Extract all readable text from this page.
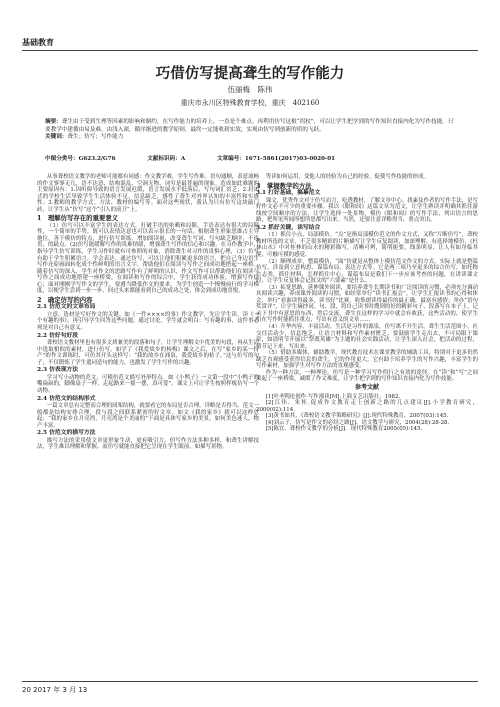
基础教育
巧借仿写提高聋生的写作能力
伍丽梅　陈伟
重庆市永川区特殊教育学校，重庆　402160
摘要：聋生由于受到生理等因素的影响和制约，在写作能力的培养上，一直是个难点。再利用仿写这根“拐杖”，可以让学生把学到的写作知识直接内化为写作技能。只要教学中建循由易及难，由浅入深，循序渐进的教学原则，最终一定能收到实效，实现由仿写到创新的质的飞跃。
关键词：聋生；仿写；写作能力
中图分类号：G623.2/G76	文献标识码：A	文章编号：1671-5861(2017)03-0020-01

从事聋校语文教学的老师可能都有同感：作文教学难，学生写作难。语句通顺，表意流畅的作文寥寥无几，语不达意、结构混乱、空洞无物、词穷是最普遍的现象。造成如此难题的主要原因有：1.因听障导致的语言发展迟缓，语言发展水平低落后，写句词汇贫乏；2.封闭式的学校生活导致学生生活体验不足，信息缺乏，感性了聋生对外界认知的丰富性和实感性；3.教师的教学方式。方法、教材的编写等。面对这些现状，我认为只有仿写这块敲门砖，让学生从“仿写”这个“引人的前卫”上。

1　理解仿写存在的重要意义

（1）仿写可以丰富学生的表达方式，打破手语的依赖和局限，手语表达有很大的局限性，一个简单的手势，既可以表情达意也可以表示很长的一句话。根据聋生形象思维占主导地位，善于模仿的特点，进行仿写训练，增加阅读量，改变聋生写词、写句缺乏顺序，不连贯，的缺点。(2)仿写能缓解写作的畏难情绪，增强聋生写作的信心和兴趣。在习作教学中，指导学生仿写训练，学生习作时就有可参照的对象，消除聋生对习作的畏惧心理，（3）仿写有助于学生积累语言，学会表达。通过仿写，可以让他们积累更多的语言，把自己身边语生写作还原画面转化成个性鲜明的语言文字，帮助他们在阅读与写作之间成功地搭起一座桥。随着仿写的深入，学生对作文的思路写作有了鲜明的认识，作文写作可以帮助他们在阅读与写作之间成功地搭建一座桥梁，在阅读和写作的综合中，学生获得成功体验，增强写作信心；面对刚刚学写作文的学生，要遵当降低作文的要求，为学生创造一个慢慢前行的学习梯度，以便学生尝到一步一步，回过头来都能看到自己的成功之处，体会到成功地喜悦。

2　确定仿写的内容
2.1 仿范文的文章布局

立意、选材是写好作文的关键。如《一件××××的事》作文教学，先让学生读、读《一个有趣的事》，再引导学生回答这些问题，通过讨论，学生就会明白：写有趣的事，这件事必须是对自己有意义。

2.2 仿好句好段

聋校语文教材里也有很多文质兼美的段落和句子，让学生理解文中优美的句段，再从生活中选取相似的素材，进行仿写。如学了《我爱故乡的杨梅》课文之后，在写“家乡的某一特产”的作文训练时，可仿其开头这样写：“我的故乡在涌泉，我爱故乡的桔子。”这与仿写的句子，不仅锻炼了学生遣词造句的能力，也激发了学生写作的兴趣。

2.3 仿表现方法

学习写小动物的范文，可模仿范文描写外形特点。如《小鸭子》一文第一段中“小鸭子的嘴扁扁的，脚像扇子一样，走起路来一摇一摆，真可爱”。课文上可让学生按照样板仿写一个动物。

2.4 仿范文的结构形式

一篇文章总有完整而合理的间架结构，就要看它的布局是否合理。详略是否得当。范文一般都是结构安排合理，段与段之间联系紧密的好文章。如文《我的家乡》就可以这样总起：“我的家乡在月亮湾，月亮湾是个美丽的”下面是具体写家乡的美景，如何美色迷人，物产丰富。

2.5 仿范文的描写方法

描写方法的采用使文章更形象生动，更有吸引力，但写作方法多种多样，和聋生讲解技法，学生难以理解和掌握，而仿写就能直接把它呈现在学生眼前。如描写景物。

等读如何运用，变他人的经验为自己的经验，促使写作技能的形成。

3　掌握教学的方法
3.1 打好基础，搞摹范文

课文，优秀作文对于仿写而言，吃透教材，了解文章中心、找素及作者的写作手法，是写好作文必不可少的重要步骤。我以《眼和间》这篇文章为范文，让学生熟读并明确其抓住游线按空间顺序的方法，让学生选择一处景物，模仿《眼和间》的写作手法，列出语言的思路，把所见所闻所想所思都写出来。当然，还要注意详略得当，重点突出。

3.2 抓好关键，读写结合

（1）抓住小点，局部模仿。“点”是指局部模仿范文的作文方式，又称“片断仿写”，聋校教材所选的文章，不乏很多精彩的片断描写让学生反复阅读，加深理解，有选择地模仿，《杜林山水》中对桂林的山水的精彩描写，清晰可辨，简明扼要，线条明显，让人有如身临其境，可触可摸的感觉。

（2）顺理成章，整篇模仿，“面”仿就是从整体上模仿范文作文的方式，实际上就是整篇仿写，涉及到立意构思、谋篇布局、表达方式等。它是两三项乃至更多的综合仿写。如托物言志类，抓住材料，怎样抓住中心，谋篇布局是我们下一步应该考查的问题，在讲读课文时，让学生反复体会记叙文的“六要素”是什么。

（3）拓宽思路，延伸课外阅读，要培养聋生长期读书和广泛阅读的习惯，必须充分调动其阅读兴趣，养成课外阅读的习惯。如经常举行“读书汇报会”，让学生汇报读书的心得和体会，举行“看谁读得最多，读书好”比赛，收集朗读得最佳的最正确，最富有感情；举办“语句奖赏评”，让学生摘抄词、句、段，将自己读书时搜到的好的精彩句子、段落写在本子上，记录下书中有意思的东西，然后交流，聋生在这样的学习中就会有收获，这些活动的，使学生们在写作时能抓住重点，写出有意义的文章……

（4）升华内容，丰富活动。生活是习作的源泉，仿写离不开生活，聋生生活范围小，社交往活动少，信息饱乏，让语言材料和写作素材匮乏。要鼓励学生走出去，不可局限于课堂，如清明节开展以“祭奠英雄”为主题的社会实践活动，让学生深入社会，把活动的过程，情节记下来，写出来。

（5）借助多媒体，辅助教学。现代教育技术在课堂教学的辅助工具，特别对于更多仍然缺乏直观感受获得信息的聋生，它的作用更大。它有助于培养学生的写作兴趣，丰富学生的写作素材，加强学生对写作方法的直观感受。

作为一种方法，一种理论，仿写是一种学习写作的行之有效的途径。在“读”和“写”之间架起了一座桥梁，减缓了作文难度，让学生把学到的写作知识直接内化为写作技能。

参考文献

[1]叶圣陶论创作·写作漫谈[M].上海文艺出版社，1982.

[2]江伟、朱桂.促成作文教育走上创新之路的几点建议[J].小学教育研究，2000(02):114.

[3]黄书如其，《聋校语文教学策略研究》[J].现代特殊教育，2007(03):145.

[4]刘云子，仿写是作文的必经之路[J]．语文教学与研究，2004(28):28-28.

[5]陈宜．聋校作文教学的分析[J]．现代特殊教育2005(05):145.

20 2017 年 3 月 13
